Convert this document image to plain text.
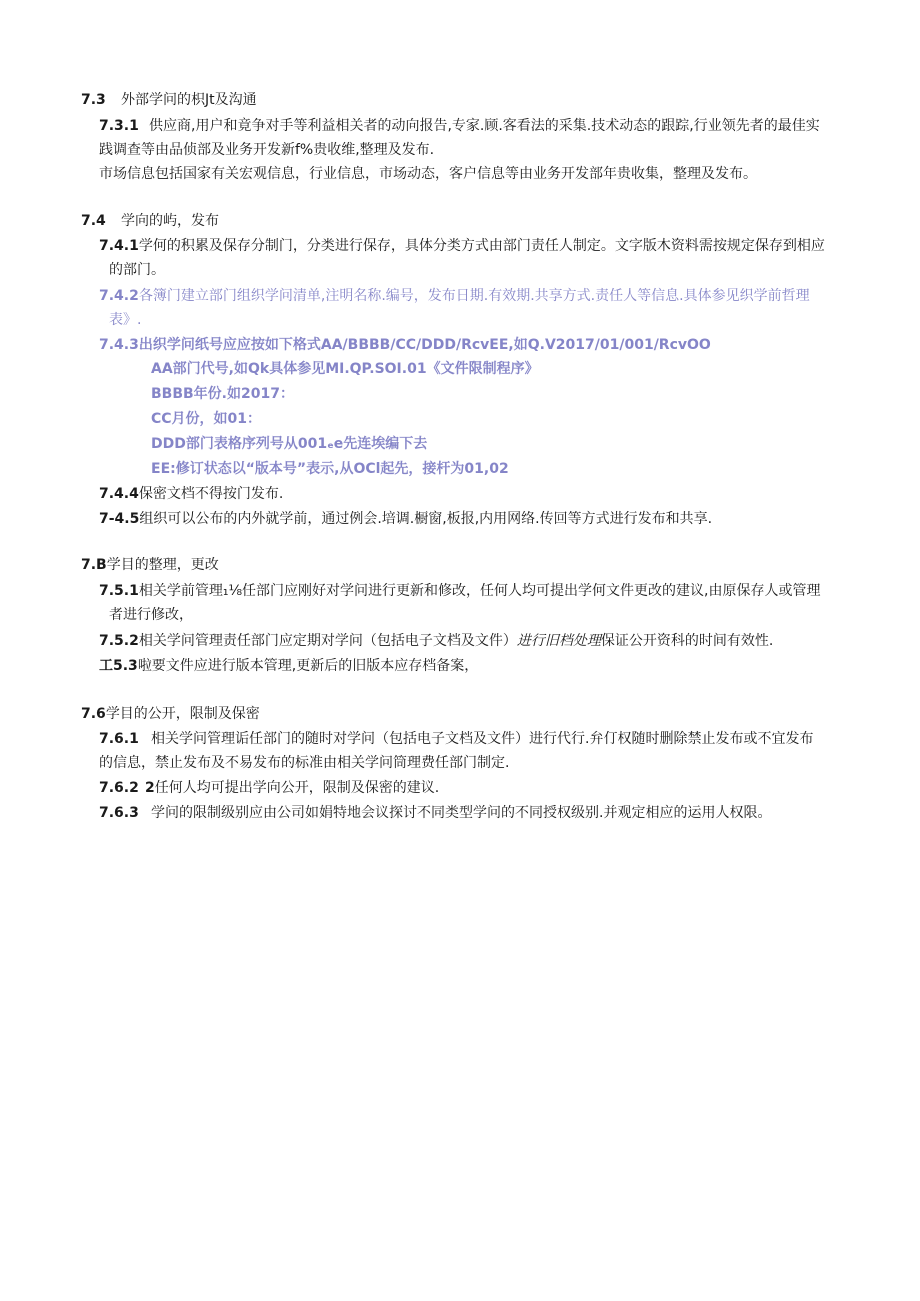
7.3 外部学问的枳Jt及沟通
7.3.1 供应商,用户和竟争对手等利益相关者的动向报告,专家.顾.客看法的采集.技术动态的跟踪,行业领先者的最佳实
践调查等由品侦部及业务开发新f%贵收维,整理及发布.
市场信息包括国家有关宏观信息，行业信息，市场动态，客户信息等由业务开发部年贵收集，整理及发布。
7.4 学向的屿，发布
7.4.1学何的积累及保存分制门，分类进行保存，具体分类方式由部门责任人制定。文字版木资料需按规定保存到相应
的部门。
7.4.2各簿门建立部门组织学问清单,注明名称.编号，发布日期.有效期.共享方式.责任人等信息.具体参见织学前哲理
表》.
7.4.3出织学问纸号应应按如下格式AA/BBBB/CC/DDD/RcvEE,如Q.V2017/01/001/RcvOO
AA部门代号,如Qk具体参见MI.QP.SOI.01《文件限制程序》
BBBB年份.如2017：
CC月份，如01：
DDD部门表格序列号从001ₑe先连埃编下去
EE:修订状态以“版本号”表示,从OCl起先，接杆为01,02
7.4.4保密文档不得按门发布.
7-4.5组织可以公布的内外就学前，通过例会.培调.橱窗,板报,内用网络.传回等方式进行发布和共享.
7.B学目的整理，更改
7.5.1相关学前管理₁⅛任部门应刚好对学问进行更新和修改，任何人均可提出学何文件更改的建议,由原保存人或管理
者进行修改，
7.5.2相关学问管理责任部门应定期对学问（包括电子文档及文件）进行旧档处理保证公开资科的时间有效性.
工5.3啦要文件应进行版本管理,更新后的旧版本应存档备案，
7.6学目的公开，限制及保密
7.6.1 相关学问管理诟任部门的随时对学问（包括电子文档及文件）进行代行.弁仃权随时删除禁止发布或不宜发布
的信息，禁止发布及不易发布的标准由相关学问筒理费任部门制定.
7.6.2 2任何人均可提出学向公开，限制及保密的建议.
7.6.3 学问的限制级别应由公司如娟特地会议探讨不同类型学问的不同授权级别.并观定相应的运用人权限。
